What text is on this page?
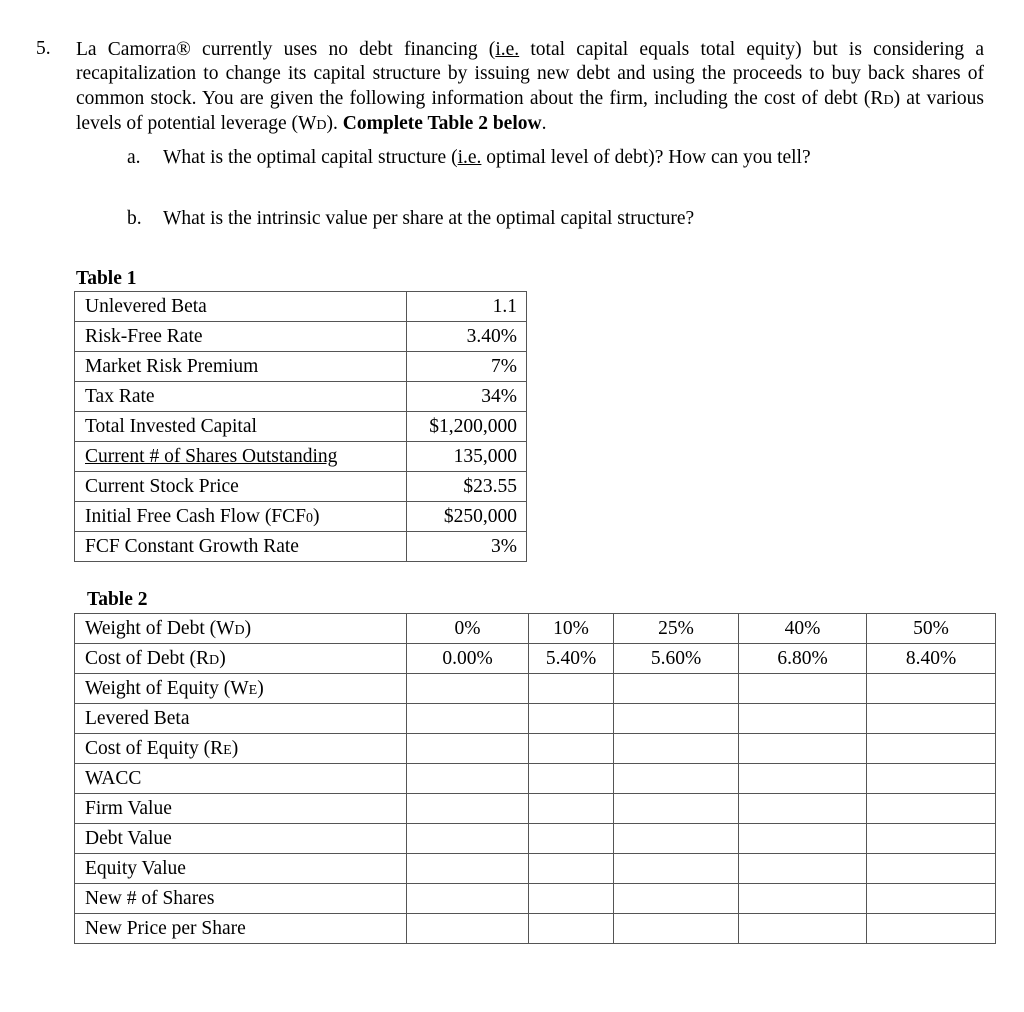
5. La Camorra® currently uses no debt financing (i.e. total capital equals total equity) but is considering a recapitalization to change its capital structure by issuing new debt and using the proceeds to buy back shares of common stock. You are given the following information about the firm, including the cost of debt (RD) at various levels of potential leverage (WD). Complete Table 2 below.
a. What is the optimal capital structure (i.e. optimal level of debt)? How can you tell?
b. What is the intrinsic value per share at the optimal capital structure?
Table 1
Unlevered Beta	1.1
Risk-Free Rate	3.40%
Market Risk Premium	7%
Tax Rate	34%
Total Invested Capital	$1,200,000
Current # of Shares Outstanding	135,000
Current Stock Price	$23.55
Initial Free Cash Flow (FCF0)	$250,000
FCF Constant Growth Rate	3%
Table 2
Weight of Debt (WD)	0%	10%	25%	40%	50%
Cost of Debt (RD)	0.00%	5.40%	5.60%	6.80%	8.40%
Weight of Equity (WE)					
Levered Beta					
Cost of Equity (RE)					
WACC					
Firm Value					
Debt Value					
Equity Value					
New # of Shares					
New Price per Share					
